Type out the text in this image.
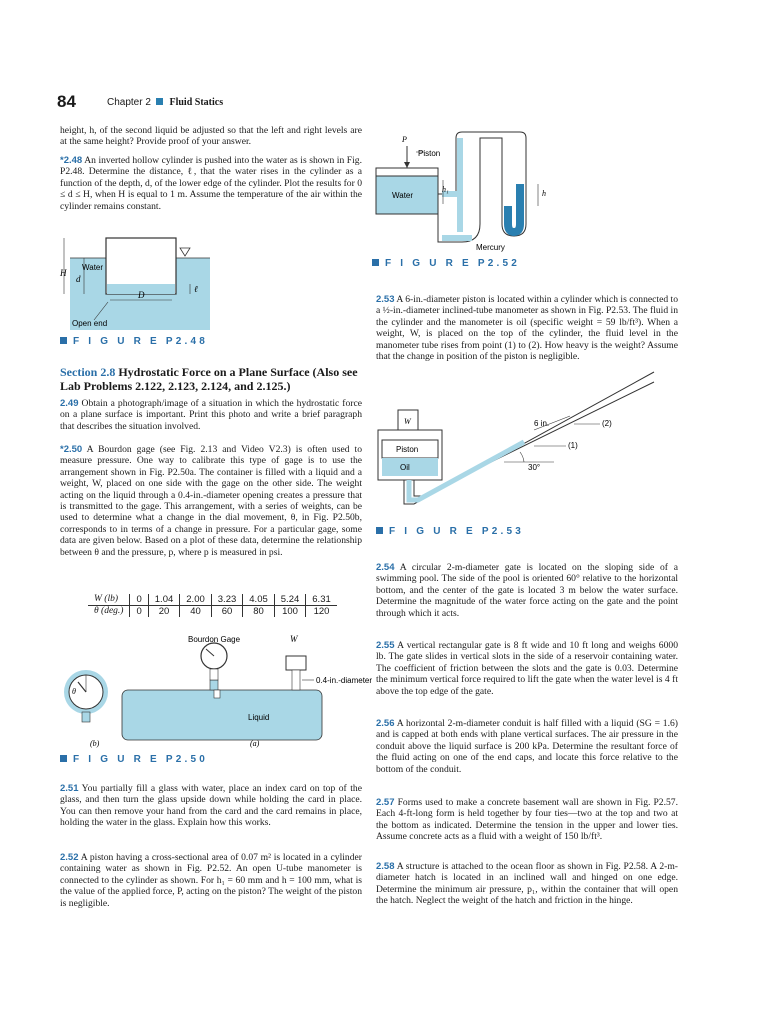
84	Chapter 2 Fluid Statics

height, h, of the second liquid be adjusted so that the left and right levels are at the same height? Provide proof of your answer.

*2.48 An inverted hollow cylinder is pushed into the water as is shown in Fig. P2.48. Determine the distance, ℓ, that the water rises in the cylinder as a function of the depth, d, of the lower edge of the cylinder. Plot the results for 0 ≤ d ≤ H, when H is equal to 1 m. Assume the temperature of the air within the cylinder remains constant.

Water
H
d
D
ℓ
Open end
F I G U R E P2.48
Section 2.8 Hydrostatic Force on a Plane Surface (Also see Lab Problems 2.122, 2.123, 2.124, and 2.125.)

2.49 Obtain a photograph/image of a situation in which the hydrostatic force on a plane surface is important. Print this photo and write a brief paragraph that describes the situation involved.

*2.50 A Bourdon gage (see Fig. 2.13 and Video V2.3) is often used to measure pressure. One way to calibrate this type of gage is to use the arrangement shown in Fig. P2.50a. The container is filled with a liquid and a weight, W, placed on one side with the gage on the other side. The weight acting on the liquid through a 0.4-in.-diameter opening creates a pressure that is transmitted to the gage. This arrangement, with a series of weights, can be used to determine what a change in the dial movement, θ, in Fig. P2.50b, corresponds to in terms of a change in pressure. For a particular gage, some data are given below. Based on a plot of these data, determine the relationship between θ and the pressure, p, where p is measured in psi.

W (lb)	0	1.04	2.00	3.23	4.05	5.24	6.31
θ (deg.)	0	20	40	60	80	100	120
θ
Bourdon Gage	W
0.4-in.-diameter
Liquid
(b)	(a)
F I G U R E P2.50

2.51 You partially fill a glass with water, place an index card on top of the glass, and then turn the glass upside down while holding the card in place. You can then remove your hand from the card and the card remains in place, holding the water in the glass. Explain how this works.

2.52 A piston having a cross-sectional area of 0.07 m² is located in a cylinder containing water as shown in Fig. P2.52. An open U-tube manometer is connected to the cylinder as shown. For h₁ = 60 mm and h = 100 mm, what is the value of the applied force, P, acting on the piston? The weight of the piston is negligible.

P
Piston
Water
h₁	h
Mercury
F I G U R E P2.52

2.53 A 6-in.-diameter piston is located within a cylinder which is connected to a ½-in.-diameter inclined-tube manometer as shown in Fig. P2.53. The fluid in the cylinder and the manometer is oil (specific weight = 59 lb/ft³). When a weight, W, is placed on the top of the cylinder, the fluid level in the manometer tube rises from point (1) to (2). How heavy is the weight? Assume that the change in position of the piston is negligible.

W
Piston
Oil
6 in.	(2)
(1)
30°
F I G U R E P2.53

2.54 A circular 2-m-diameter gate is located on the sloping side of a swimming pool. The side of the pool is oriented 60° relative to the horizontal bottom, and the center of the gate is located 3 m below the water surface. Determine the magnitude of the water force acting on the gate and the point through which it acts.

2.55 A vertical rectangular gate is 8 ft wide and 10 ft long and weighs 6000 lb. The gate slides in vertical slots in the side of a reservoir containing water. The coefficient of friction between the slots and the gate is 0.03. Determine the minimum vertical force required to lift the gate when the water level is 4 ft above the top edge of the gate.

2.56 A horizontal 2-m-diameter conduit is half filled with a liquid (SG = 1.6) and is capped at both ends with plane vertical surfaces. The air pressure in the conduit above the liquid surface is 200 kPa. Determine the resultant force of the fluid acting on one of the end caps, and locate this force relative to the bottom of the conduit.

2.57 Forms used to make a concrete basement wall are shown in Fig. P2.57. Each 4-ft-long form is held together by four ties—two at the top and two at the bottom as indicated. Determine the tension in the upper and lower ties. Assume concrete acts as a fluid with a weight of 150 lb/ft³.

2.58 A structure is attached to the ocean floor as shown in Fig. P2.58. A 2-m-diameter hatch is located in an inclined wall and hinged on one edge. Determine the minimum air pressure, p₁, within the container that will open the hatch. Neglect the weight of the hatch and friction in the hinge.
